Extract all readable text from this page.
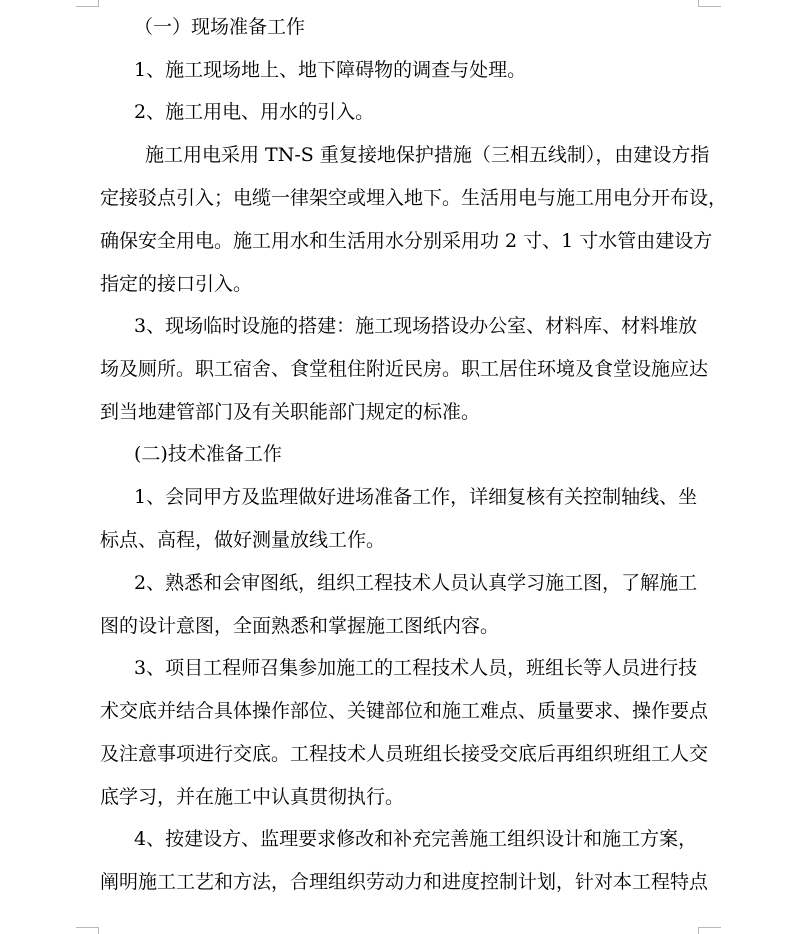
（一）现场准备工作
1、施工现场地上、地下障碍物的调查与处理。
2、施工用电、用水的引入。
施工用电采用 TN-S 重复接地保护措施（三相五线制），由建设方指
定接驳点引入；电缆一律架空或埋入地下。生活用电与施工用电分开布设，
确保安全用电。施工用水和生活用水分别采用功 2 寸、1 寸水管由建设方
指定的接口引入。
3、现场临时设施的搭建：施工现场搭设办公室、材料库、材料堆放
场及厕所。职工宿舍、食堂租住附近民房。职工居住环境及食堂设施应达
到当地建管部门及有关职能部门规定的标准。
(二)技术准备工作
1、会同甲方及监理做好进场准备工作，详细复核有关控制轴线、坐
标点、高程，做好测量放线工作。
2、熟悉和会审图纸，组织工程技术人员认真学习施工图，了解施工
图的设计意图，全面熟悉和掌握施工图纸内容。
3、项目工程师召集参加施工的工程技术人员，班组长等人员进行技
术交底并结合具体操作部位、关键部位和施工难点、质量要求、操作要点
及注意事项进行交底。工程技术人员班组长接受交底后再组织班组工人交
底学习，并在施工中认真贯彻执行。
4、按建设方、监理要求修改和补充完善施工组织设计和施工方案，
阐明施工工艺和方法，合理组织劳动力和进度控制计划，针对本工程特点
